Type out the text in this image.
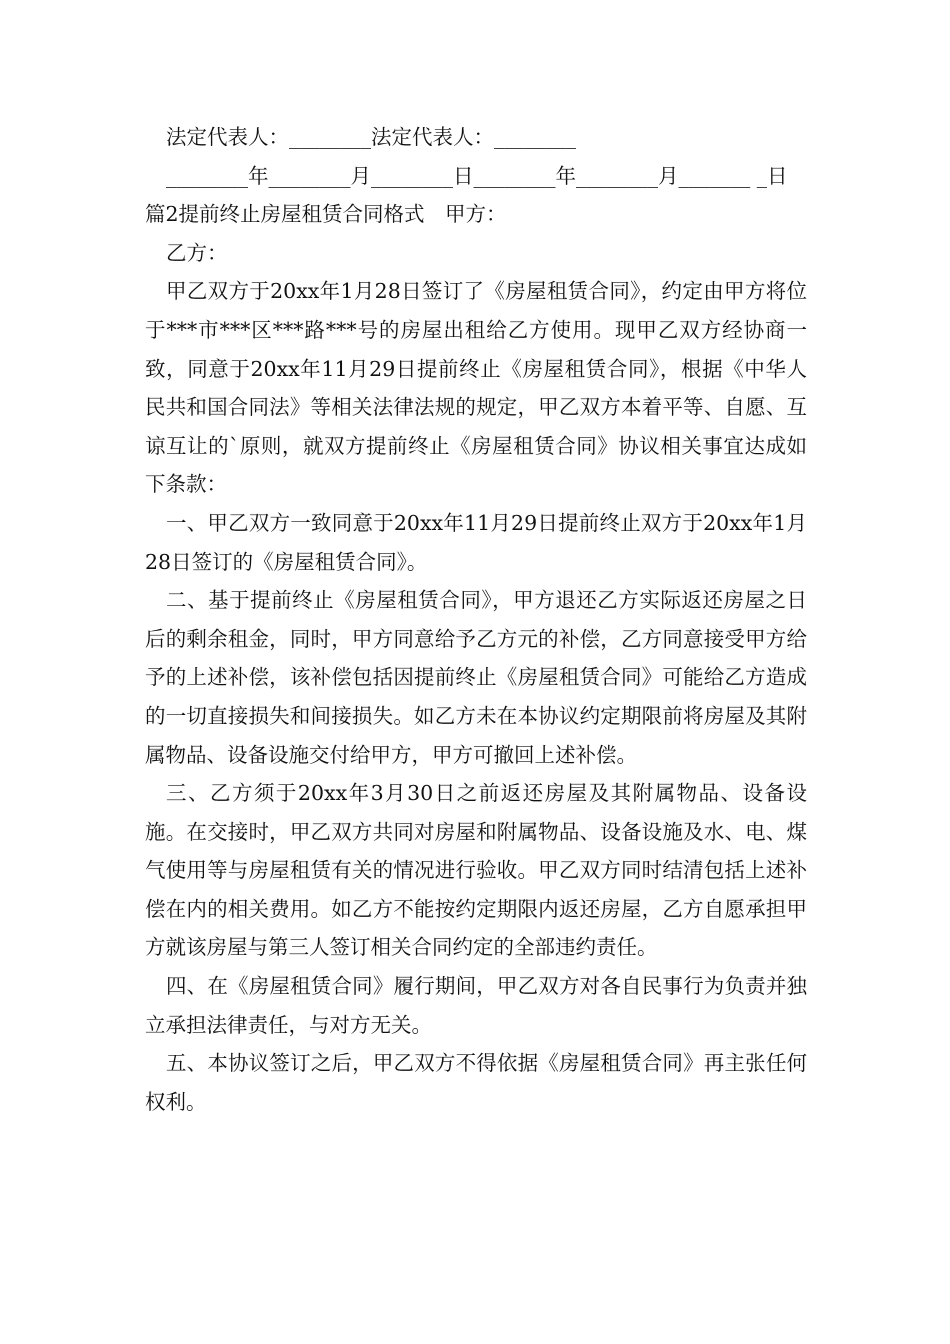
法定代表人：________法定代表人：________

________年________月________日________年________月_______ _日

篇2提前终止房屋租赁合同格式　甲方：

乙方：

甲乙双方于20xx年1月28日签订了《房屋租赁合同》，约定由甲方将位于***市***区***路***号的房屋出租给乙方使用。现甲乙双方经协商一致，同意于20xx年11月29日提前终止《房屋租赁合同》，根据《中华人民共和国合同法》等相关法律法规的规定，甲乙双方本着平等、自愿、互谅互让的`原则，就双方提前终止《房屋租赁合同》协议相关事宜达成如下条款：

一、甲乙双方一致同意于20xx年11月29日提前终止双方于20xx年1月28日签订的《房屋租赁合同》。

二、基于提前终止《房屋租赁合同》，甲方退还乙方实际返还房屋之日后的剩余租金，同时，甲方同意给予乙方元的补偿，乙方同意接受甲方给予的上述补偿，该补偿包括因提前终止《房屋租赁合同》可能给乙方造成的一切直接损失和间接损失。如乙方未在本协议约定期限前将房屋及其附属物品、设备设施交付给甲方，甲方可撤回上述补偿。

三、乙方须于20xx年3月30日之前返还房屋及其附属物品、设备设施。在交接时，甲乙双方共同对房屋和附属物品、设备设施及水、电、煤气使用等与房屋租赁有关的情况进行验收。甲乙双方同时结清包括上述补偿在内的相关费用。如乙方不能按约定期限内返还房屋，乙方自愿承担甲方就该房屋与第三人签订相关合同约定的全部违约责任。

四、在《房屋租赁合同》履行期间，甲乙双方对各自民事行为负责并独立承担法律责任，与对方无关。

五、本协议签订之后，甲乙双方不得依据《房屋租赁合同》再主张任何权利。
